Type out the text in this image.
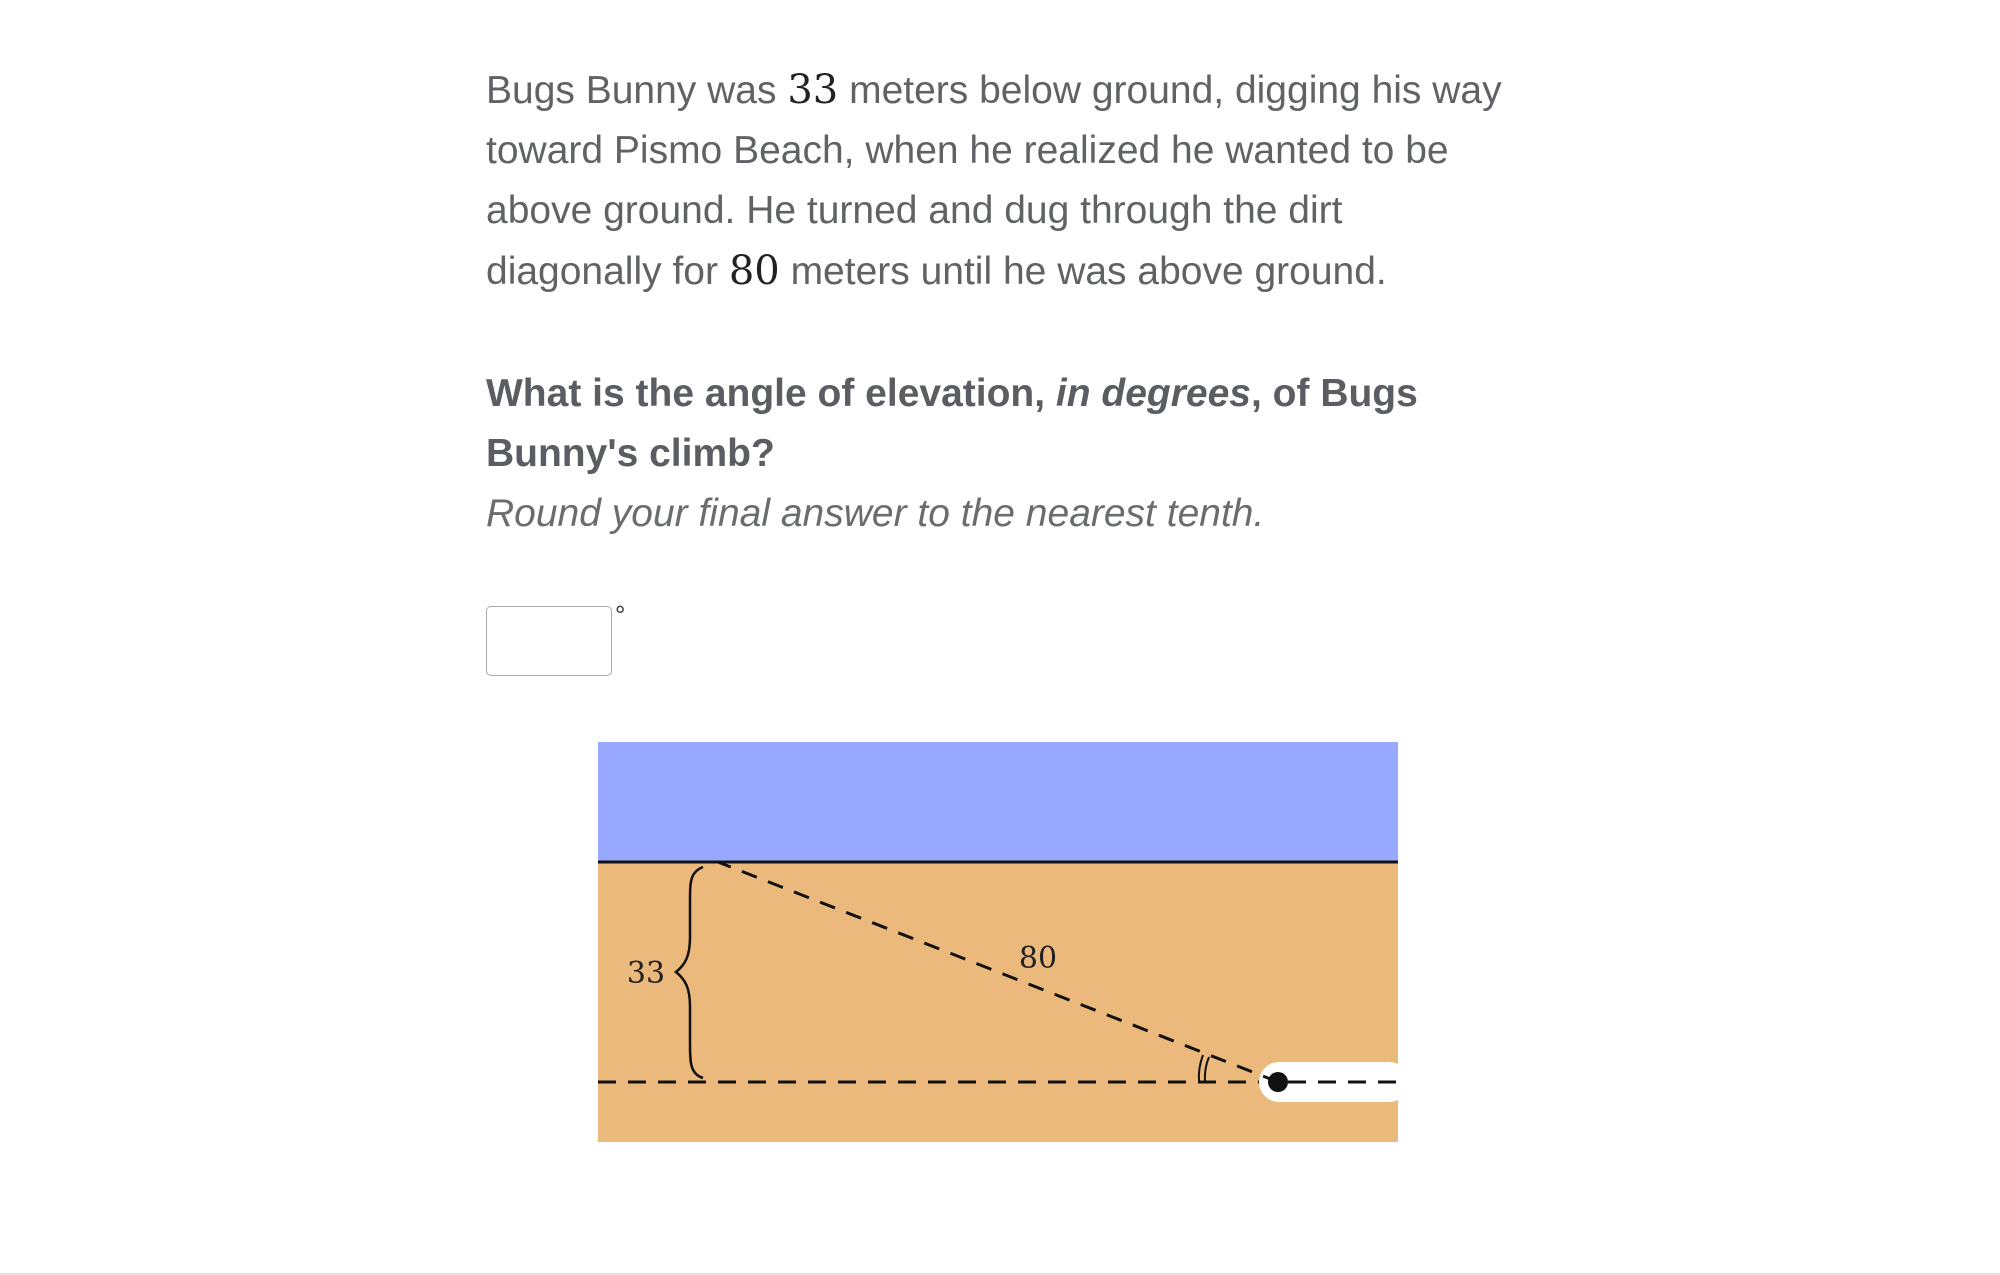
Bugs Bunny was 33 meters below ground, digging his way toward Pismo Beach, when he realized he wanted to be above ground. He turned and dug through the dirt diagonally for 80 meters until he was above ground.

What is the angle of elevation, in degrees, of Bugs Bunny's climb?

Round your final answer to the nearest tenth.

°
33	80
